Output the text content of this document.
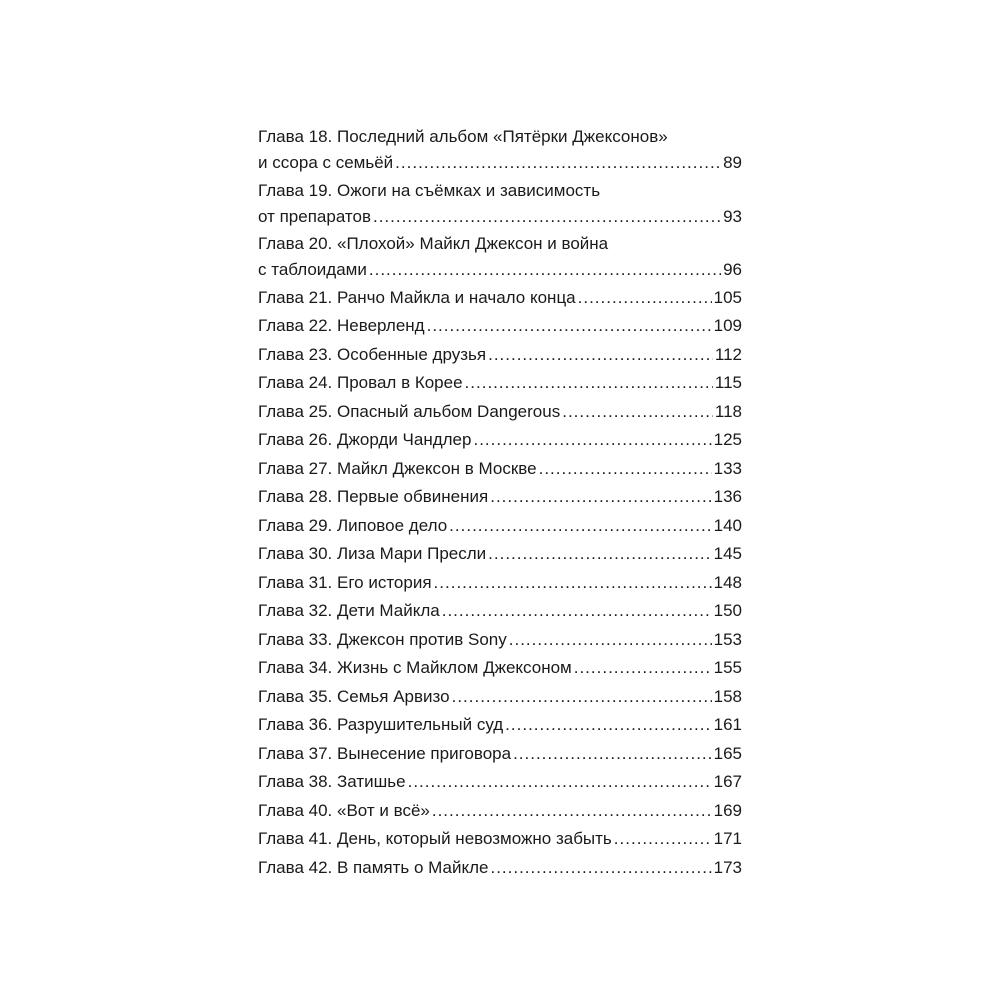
Глава 18. Последний альбом «Пятёрки Джексонов»
и ссора с семьёй .....	89
Глава 19. Ожоги на съёмках и зависимость
от препаратов .....	93
Глава 20. «Плохой» Майкл Джексон и война
с таблоидами .....	96
Глава 21. Ранчо Майкла и начало конца .....	105
Глава 22. Неверленд .....	109
Глава 23. Особенные друзья .....	112
Глава 24. Провал в Корее .....	115
Глава 25. Опасный альбом Dangerous .....	118
Глава 26. Джорди Чандлер .....	125
Глава 27. Майкл Джексон в Москве .....	133
Глава 28. Первые обвинения .....	136
Глава 29. Липовое дело .....	140
Глава 30. Лиза Мари Пресли .....	145
Глава 31. Его история .....	148
Глава 32. Дети Майкла .....	150
Глава 33. Джексон против Sony .....	153
Глава 34. Жизнь с Майклом Джексоном .....	155
Глава 35. Семья Арвизо .....	158
Глава 36. Разрушительный суд .....	161
Глава 37. Вынесение приговора .....	165
Глава 38. Затишье .....	167
Глава 40. «Вот и всё» .....	169
Глава 41. День, который невозможно забыть .....	171
Глава 42. В память о Майкле .....	173
